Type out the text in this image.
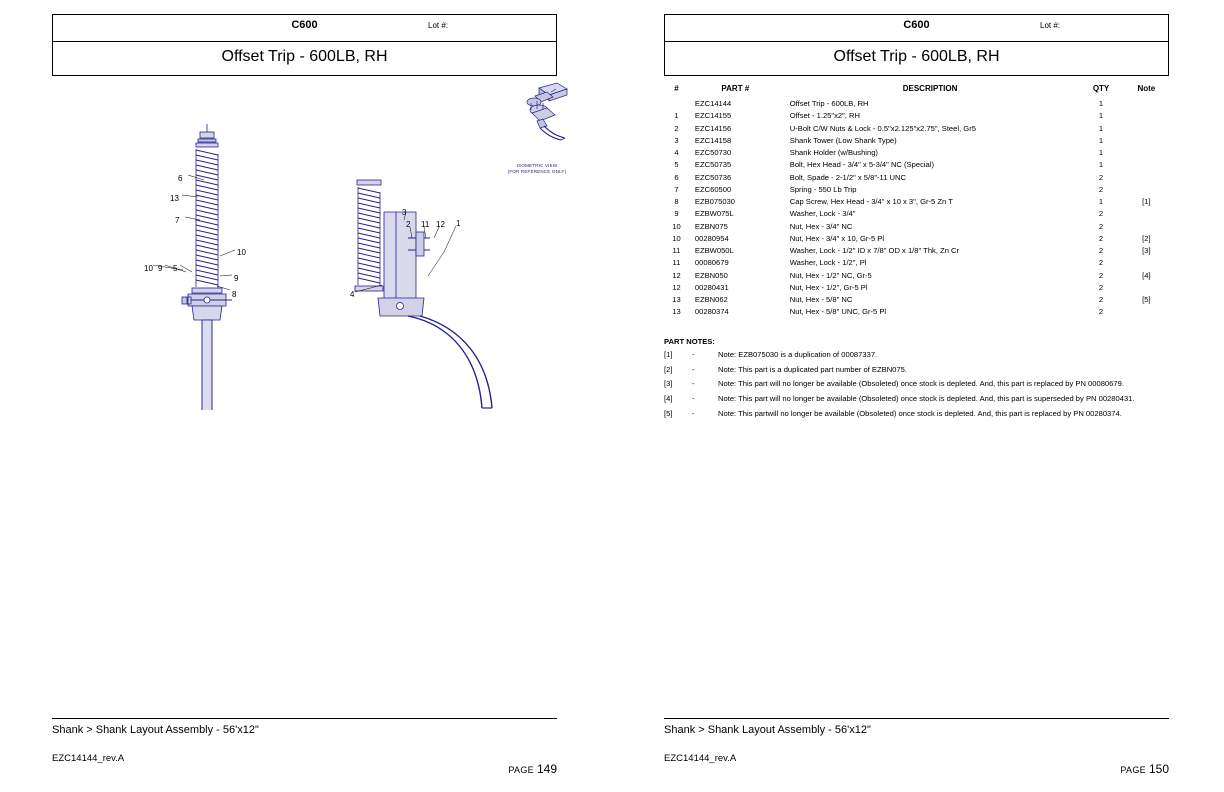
C600	Lot #:
Offset Trip - 600LB, RH
ISOMETRIC VIEW
(FOR REFERENCE ONLY)
6
13
7
10
10 9 5
9
8
3
2 11 12 1
4
Shank > Shank Layout Assembly - 56'x12"
EZC14144_rev.A
PAGE 149
C600	Lot #:
Offset Trip - 600LB, RH
#	PART #	DESCRIPTION	QTY	Note
	EZC14144	Offset Trip - 600LB, RH	1	
1	EZC14155	Offset - 1.25"x2", RH	1	
2	EZC14156	U-Bolt C/W Nuts & Lock - 0.5"x2.125"x2.75", Steel, Gr5	1	
3	EZC14158	Shank Tower (Low Shank Type)	1	
4	EZC50730	Shank Holder (w/Bushing)	1	
5	EZC50735	Bolt, Hex Head - 3/4" x 5-3/4" NC (Special)	1	
6	EZC50736	Bolt, Spade - 2-1/2" x 5/8"-11 UNC	2	
7	EZC60500	Spring - 550 Lb Trip	2	
8	EZB075030	Cap Screw, Hex Head - 3/4" x 10 x 3", Gr-5 Zn T	1	[1]
9	EZBW075L	Washer, Lock - 3/4"	2	
10	EZBN075	Nut, Hex - 3/4" NC	2	
10	00280954	Nut, Hex - 3/4" x 10, Gr-5 Pl	2	[2]
11	EZBW050L	Washer, Lock - 1/2" ID x 7/8" OD x 1/8" Thk, Zn Cr	2	[3]
11	00080679	Washer, Lock - 1/2", Pl	2	
12	EZBN050	Nut, Hex - 1/2" NC, Gr-5	2	[4]
12	00280431	Nut, Hex - 1/2", Gr-5 Pl	2	
13	EZBN062	Nut, Hex - 5/8" NC	2	[5]
13	00280374	Nut, Hex - 5/8" UNC, Gr-5 Pl	2	
PART NOTES:
[1]	-	Note: EZB075030 is a duplication of 00087337.
[2]	-	Note: This part is a duplicated part number of EZBN075.
[3]	-	Note: This part will no longer be available (Obsoleted) once stock is depleted. And, this part is replaced by PN 00080679.
[4]	-	Note: This part will no longer be available (Obsoleted) once stock is depleted. And, this part is superseded by PN 00280431.
[5]	-	Note: This partwill no longer be available (Obsoleted) once stock is depleted. And, this part is replaced by PN 00280374.
Shank > Shank Layout Assembly - 56'x12"
EZC14144_rev.A
PAGE 150
